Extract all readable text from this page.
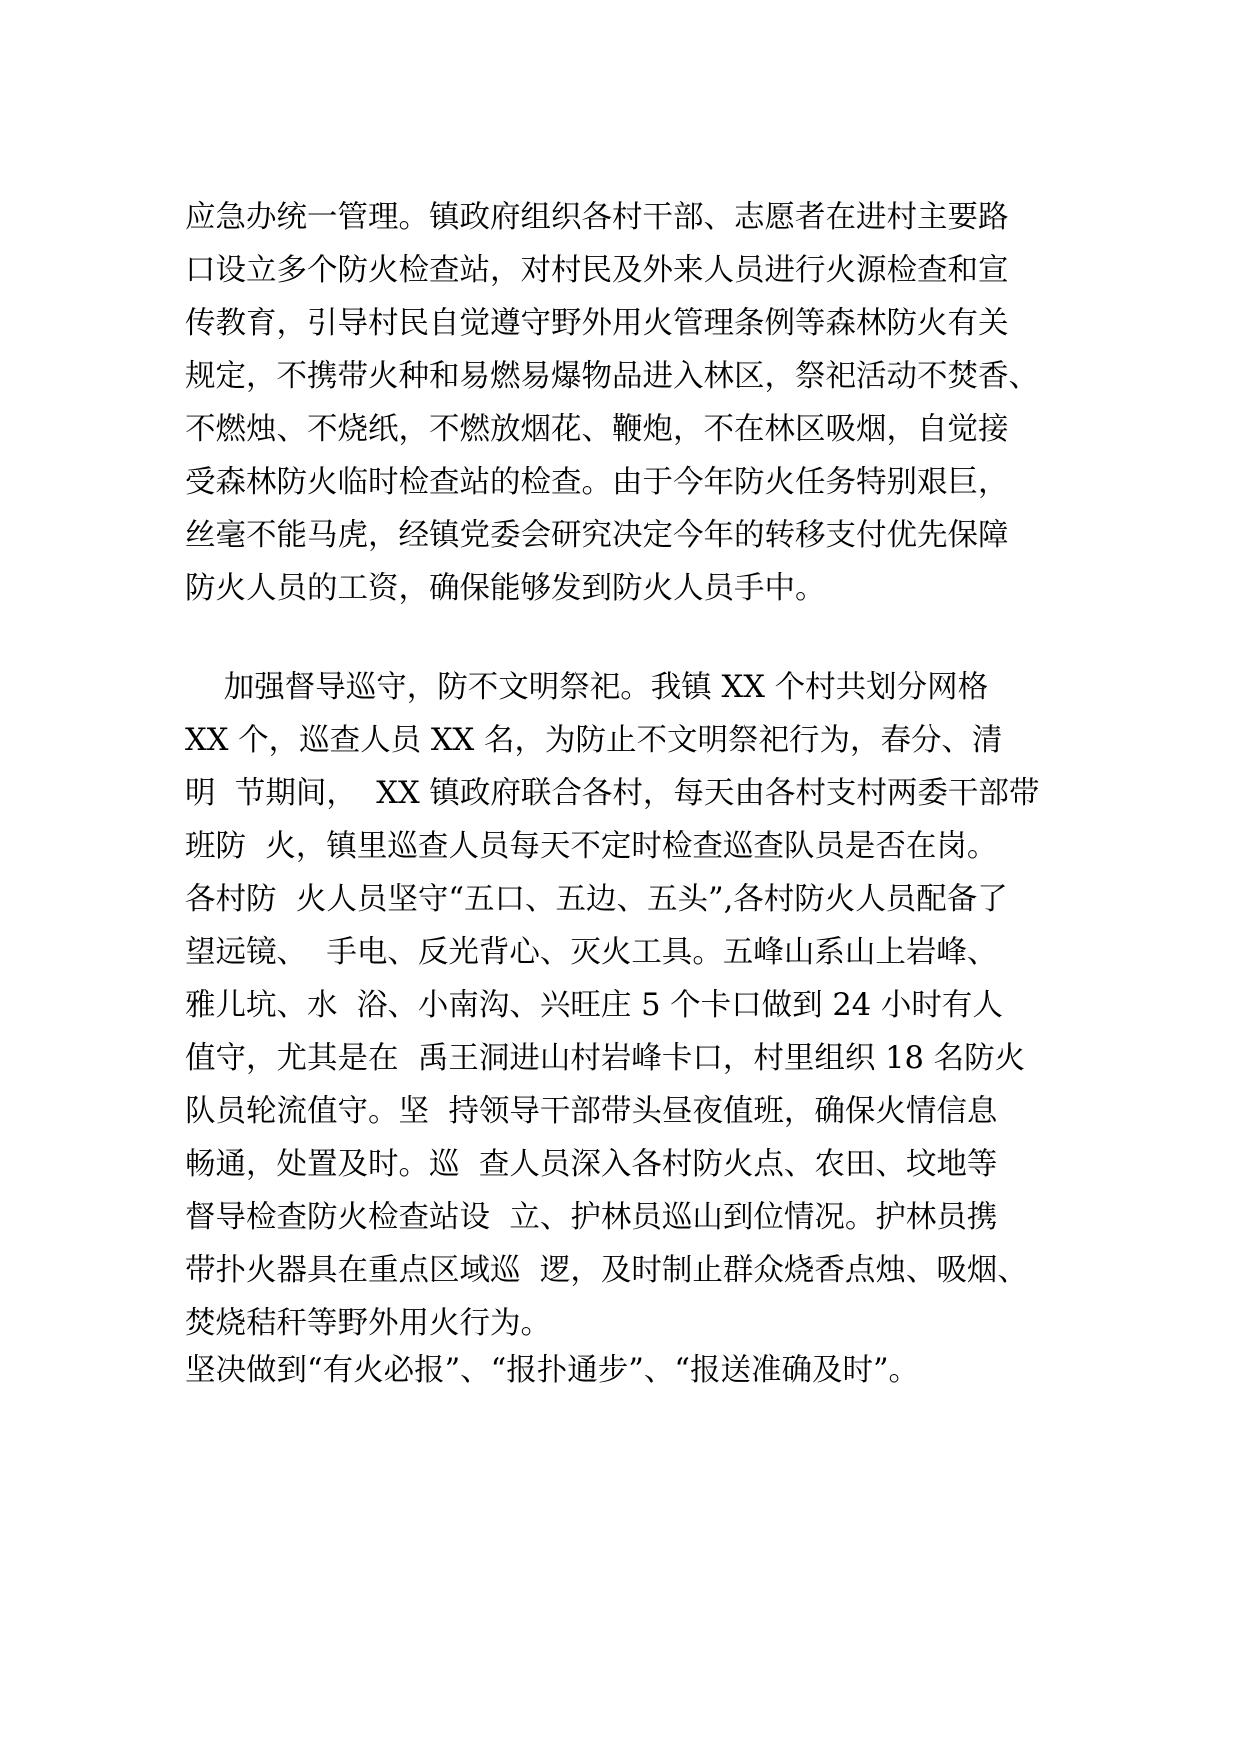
应急办统一管理。镇政府组织各村干部、志愿者在进村主要路
口设立多个防火检查站，对村民及外来人员进行火源检查和宣
传教育，引导村民自觉遵守野外用火管理条例等森林防火有关
规定，不携带火种和易燃易爆物品进入林区，祭祀活动不焚香、
不燃烛、不烧纸，不燃放烟花、鞭炮，不在林区吸烟，自觉接
受森林防火临时检查站的检查。由于今年防火任务特别艰巨，
丝毫不能马虎，经镇党委会研究决定今年的转移支付优先保障
防火人员的工资，确保能够发到防火人员手中。
加强督导巡守，防不文明祭祀。我镇 XX 个村共划分网格
XX 个，巡查人员 XX 名，为防止不文明祭祀行为，春分、清
明  节期间，  XX 镇政府联合各村，每天由各村支村两委干部带
班防  火，镇里巡查人员每天不定时检查巡查队员是否在岗。
各村防  火人员坚守“五口、五边、五头”,各村防火人员配备了
望远镜、  手电、反光背心、灭火工具。五峰山系山上岩峰、
雅儿坑、水  浴、小南沟、兴旺庄 5 个卡口做到 24 小时有人
值守，尤其是在  禹王洞进山村岩峰卡口，村里组织 18 名防火
队员轮流值守。坚  持领导干部带头昼夜值班，确保火情信息
畅通，处置及时。巡  查人员深入各村防火点、农田、坟地等
督导检查防火检查站设  立、护林员巡山到位情况。护林员携
带扑火器具在重点区域巡  逻，及时制止群众烧香点烛、吸烟、
焚烧秸秆等野外用火行为。
坚决做到“有火必报”、“报扑通步”、“报送准确及时”。
